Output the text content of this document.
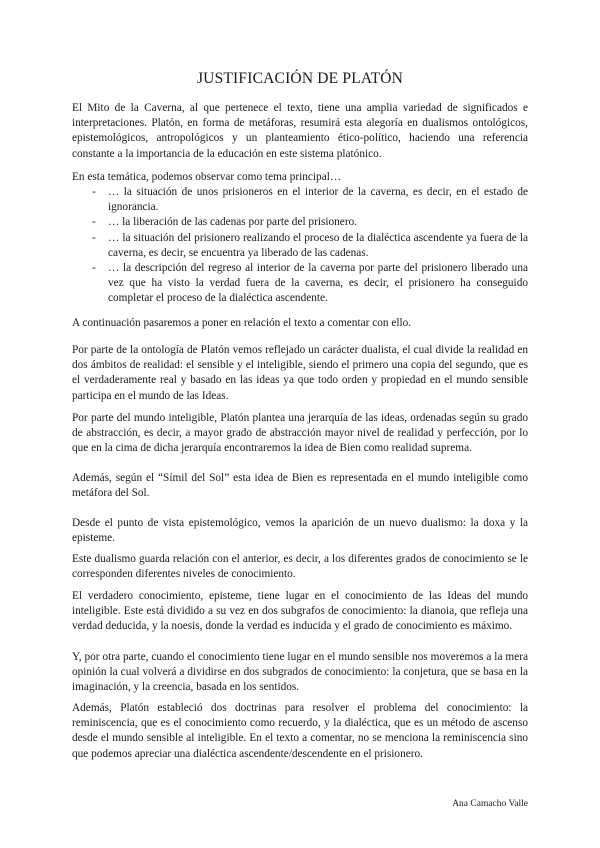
JUSTIFICACIÓN DE PLATÓN

El Mito de la Caverna, al que pertenece el texto, tiene una amplia variedad de significados e interpretaciones. Platón, en forma de metáforas, resumirá esta alegoría en dualismos ontológicos, epistemológicos, antropológicos y un planteamiento ético-político, haciendo una referencia constante a la importancia de la educación en este sistema platónico.

En esta temática, podemos observar como tema principal…

- … la situación de unos prisioneros en el interior de la caverna, es decir, en el estado de ignorancia.
- … la liberación de las cadenas por parte del prisionero.
- … la situación del prisionero realizando el proceso de la dialéctica ascendente ya fuera de la caverna, es decir, se encuentra ya liberado de las cadenas.
- … la descripción del regreso al interior de la caverna por parte del prisionero liberado una vez que ha visto la verdad fuera de la caverna, es decir, el prisionero ha conseguido completar el proceso de la dialéctica ascendente.

A continuación pasaremos a poner en relación el texto a comentar con ello.

Por parte de la ontología de Platón vemos reflejado un carácter dualista, el cual divide la realidad en dos ámbitos de realidad: el sensible y el inteligible, siendo el primero una copia del segundo, que es el verdaderamente real y basado en las ideas ya que todo orden y propiedad en el mundo sensible participa en el mundo de las Ideas.

Por parte del mundo inteligible, Platón plantea una jerarquía de las ideas, ordenadas según su grado de abstracción, es decir, a mayor grado de abstracción mayor nivel de realidad y perfección, por lo que en la cima de dicha jerarquía encontraremos la idea de Bien como realidad suprema.

Además, según el “Símil del Sol” esta idea de Bien es representada en el mundo inteligible como metáfora del Sol.

Desde el punto de vista epistemológico, vemos la aparición de un nuevo dualismo: la doxa y la episteme.

Este dualismo guarda relación con el anterior, es decir, a los diferentes grados de conocimiento se le corresponden diferentes niveles de conocimiento.

El verdadero conocimiento, episteme, tiene lugar en el conocimiento de las Ideas del mundo inteligible. Este está dividido a su vez en dos subgrafos de conocimiento: la dianoia, que refleja una verdad deducida, y la noesis, donde la verdad es inducida y el grado de conocimiento es máximo.

Y, por otra parte, cuando el conocimiento tiene lugar en el mundo sensible nos moveremos a la mera opinión la cual volverá a dividirse en dos subgrados de conocimiento: la conjetura, que se basa en la imaginación, y la creencia, basada en los sentidos.

Además, Platón estableció dos doctrinas para resolver el problema del conocimiento: la reminiscencia, que es el conocimiento como recuerdo, y la dialéctica, que es un método de ascenso desde el mundo sensible al inteligible. En el texto a comentar, no se menciona la reminiscencia sino que podemos apreciar una dialéctica ascendente/descendente en el prisionero.

Ana Camacho Valle
